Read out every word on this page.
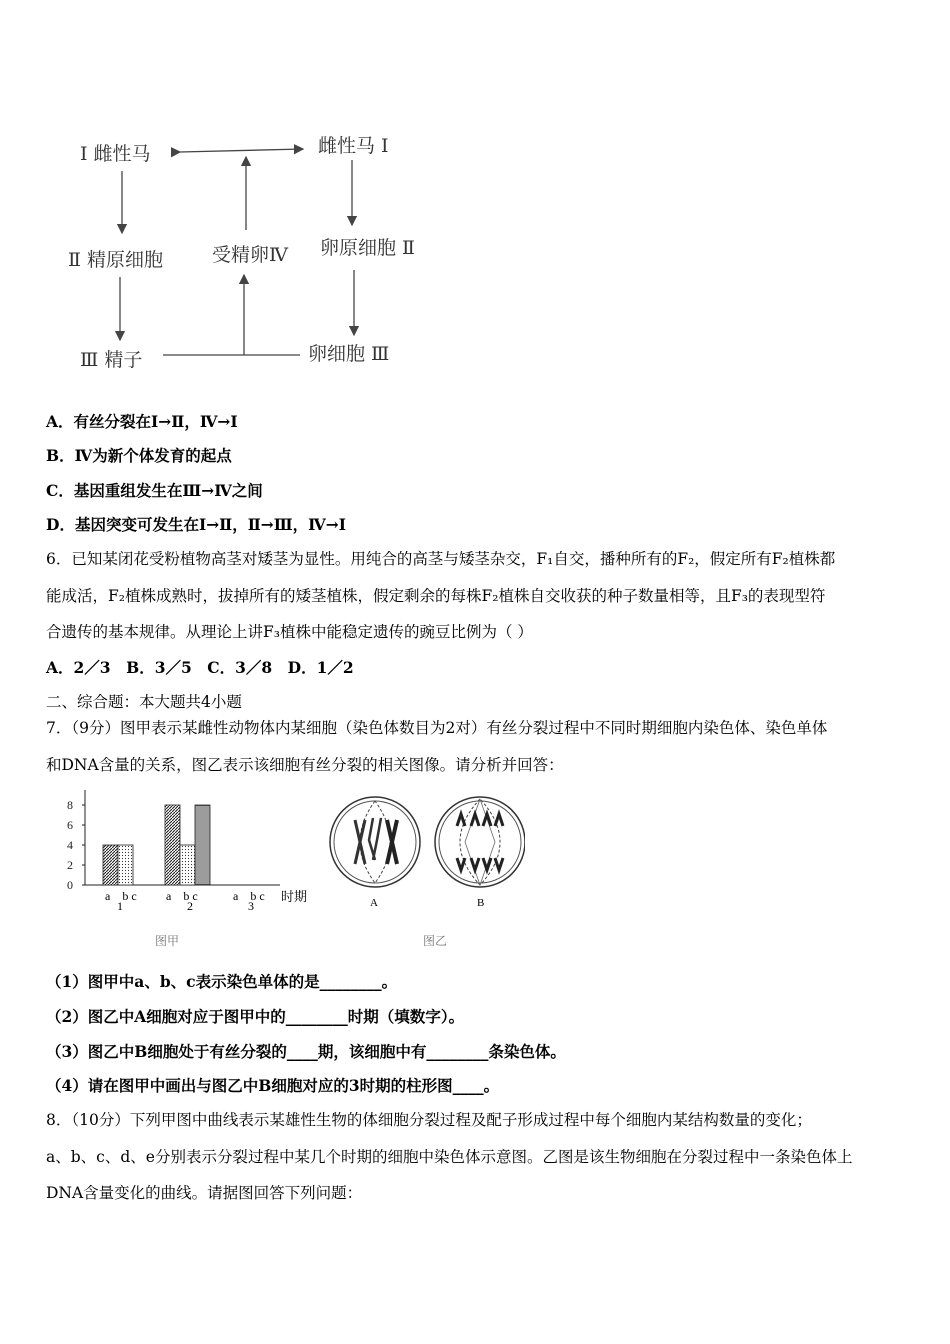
Ⅰ 雌性马	雌性马 Ⅰ
Ⅱ 精原细胞	受精卵Ⅳ 卵原细胞 Ⅱ
Ⅲ 精子	卵细胞 Ⅲ
A．有丝分裂在Ⅰ→Ⅱ，Ⅳ→Ⅰ
B．Ⅳ为新个体发育的起点
C．基因重组发生在Ⅲ→Ⅳ之间
D．基因突变可发生在Ⅰ→Ⅱ，Ⅱ→Ⅲ，Ⅳ→Ⅰ
6．已知某闭花受粉植物高茎对矮茎为显性。用纯合的高茎与矮茎杂交，F₁自交，播种所有的F₂，假定所有F₂植株都
能成活，F₂植株成熟时，拔掉所有的矮茎植株，假定剩余的每株F₂植株自交收获的种子数量相等，且F₃的表现型符
合遗传的基本规律。从理论上讲F₃植株中能稳定遗传的豌豆比例为（ ）
A．2／3　B．3／5　C．3／8　D．1／2
二、综合题：本大题共4小题
7．（9分）图甲表示某雌性动物体内某细胞（染色体数目为2对）有丝分裂过程中不同时期细胞内染色体、染色单体
和DNA含量的关系，图乙表示该细胞有丝分裂的相关图像。请分析并回答：
0
2
4
6
8
a　b c a　b c	a　b c
1	2	3
时期
图甲
A	B
图乙
（1）图甲中a、b、c表示染色单体的是________。
（2）图乙中A细胞对应于图甲中的________时期（填数字）。
（3）图乙中B细胞处于有丝分裂的____期，该细胞中有________条染色体。
（4）请在图甲中画出与图乙中B细胞对应的3时期的柱形图____。
8．（10分）下列甲图中曲线表示某雄性生物的体细胞分裂过程及配子形成过程中每个细胞内某结构数量的变化；
a、b、c、d、e分别表示分裂过程中某几个时期的细胞中染色体示意图。乙图是该生物细胞在分裂过程中一条染色体上
DNA含量变化的曲线。请据图回答下列问题：
